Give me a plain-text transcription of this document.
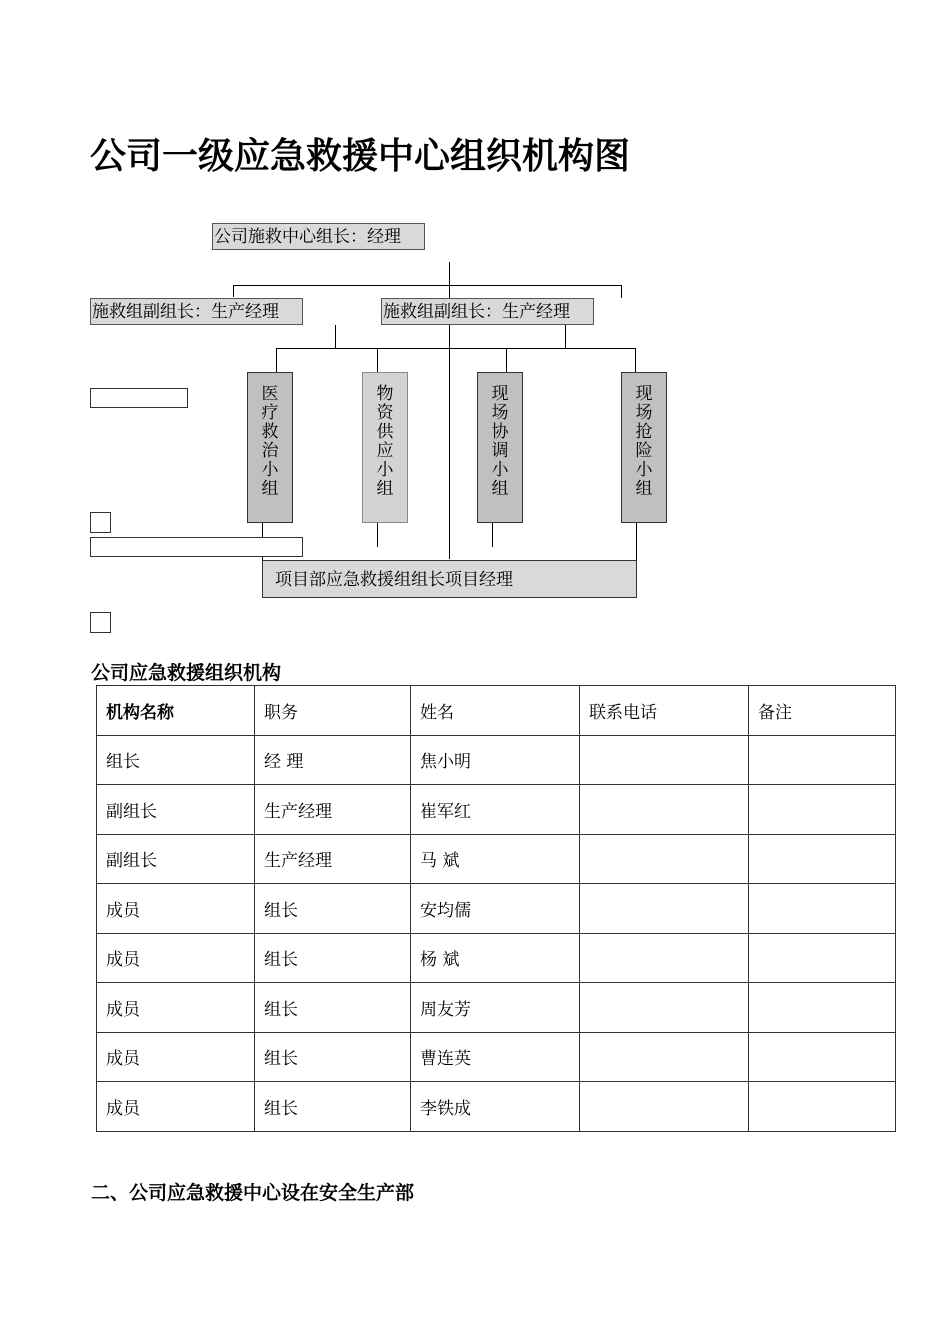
公司一级应急救援中心组织机构图
公司施救中心组长：经理
施救组副组长：生产经理	施救组副组长：生产经理
医
疗
救
治
小
组
物
资
供
应
小
组
现
场
协
调
小
组
现
场
抢
险
小
组
项目部应急救援组组长项目经理
公司应急救援组织机构
机构名称	职务	姓名	联系电话	备注
组长	经 理	焦小明		
副组长	生产经理	崔军红		
副组长	生产经理	马 斌		
成员	组长	安均儒		
成员	组长	杨 斌		
成员	组长	周友芳		
成员	组长	曹连英		
成员	组长	李铁成		
二、公司应急救援中心设在安全生产部
